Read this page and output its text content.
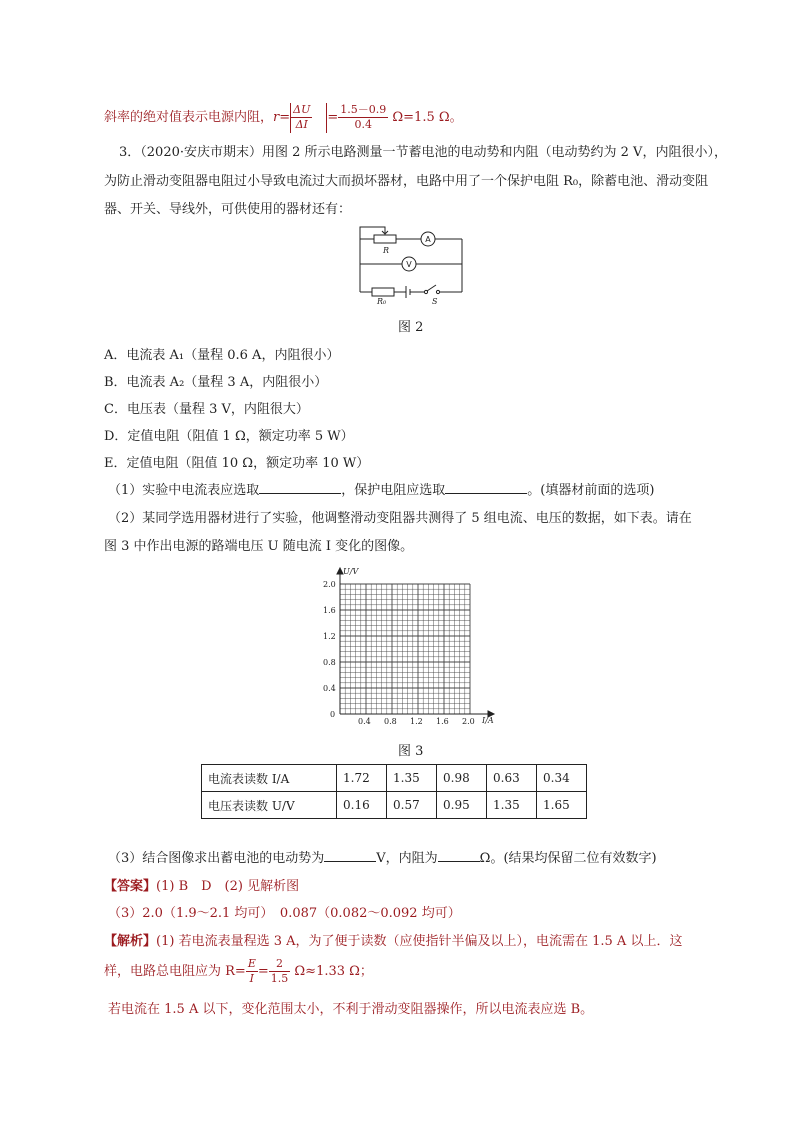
斜率的绝对值表示电源内阻，$r= \frac{\Delta U}{\Delta I} = \frac{1.5-0.9}{0.4} \Omega=1.5$ Ω。
3．（2020·安庆市期末）用图 2 所示电路测量一节蓄电池的电动势和内阻（电动势约为 2 V，内阻很小），
为防止滑动变阻器电阻过小导致电流过大而损坏器材，电路中用了一个保护电阻 R₀，除蓄电池、滑动变阻
器、开关、导线外，可供使用的器材还有：
R
R₀	S
A
V
图 2
A．电流表 A₁（量程 0.6 A，内阻很小）
B．电流表 A₂（量程 3 A，内阻很小）
C．电压表（量程 3 V，内阻很大）
D．定值电阻（阻值 1 Ω，额定功率 5 W）
E．定值电阻（阻值 10 Ω，额定功率 10 W）
（1）实验中电流表应选取	，保护电阻应选取	。(填器材前面的选项)
（2）某同学选用器材进行了实验，他调整滑动变阻器共测得了 5 组电流、电压的数据，如下表。请在
图 3 中作出电源的路端电压 U 随电流 I 变化的图像。
U/V
I/A
0
2.0
1.6
1.2
0.8
0.4
0.4 0.8 1.2 1.6 2.0
图 3
电流表读数 I/A	1.72	1.35	0.98	0.63	0.34
电压表读数 U/V	0.16	0.57	0.95	1.35	1.65
（3）结合图像求出蓄电池的电动势为	V，内阻为	Ω。(结果均保留二位有效数字)
【答案】(1) B　D　(2) 见解析图
（3）2.0（1.9～2.1 均可）　0.087（0.082～0.092 均可）
【解析】(1) 若电流表量程选 3 A，为了便于读数（应使指针半偏及以上），电流需在 1.5 A 以上．这
样，电路总电阻应为 $R= \frac{E}{I} = \frac{2}{1.5} \Omega\approx 1.33$ Ω；
若电流在 1.5 A 以下，变化范围太小，不利于滑动变阻器操作，所以电流表应选 B。
